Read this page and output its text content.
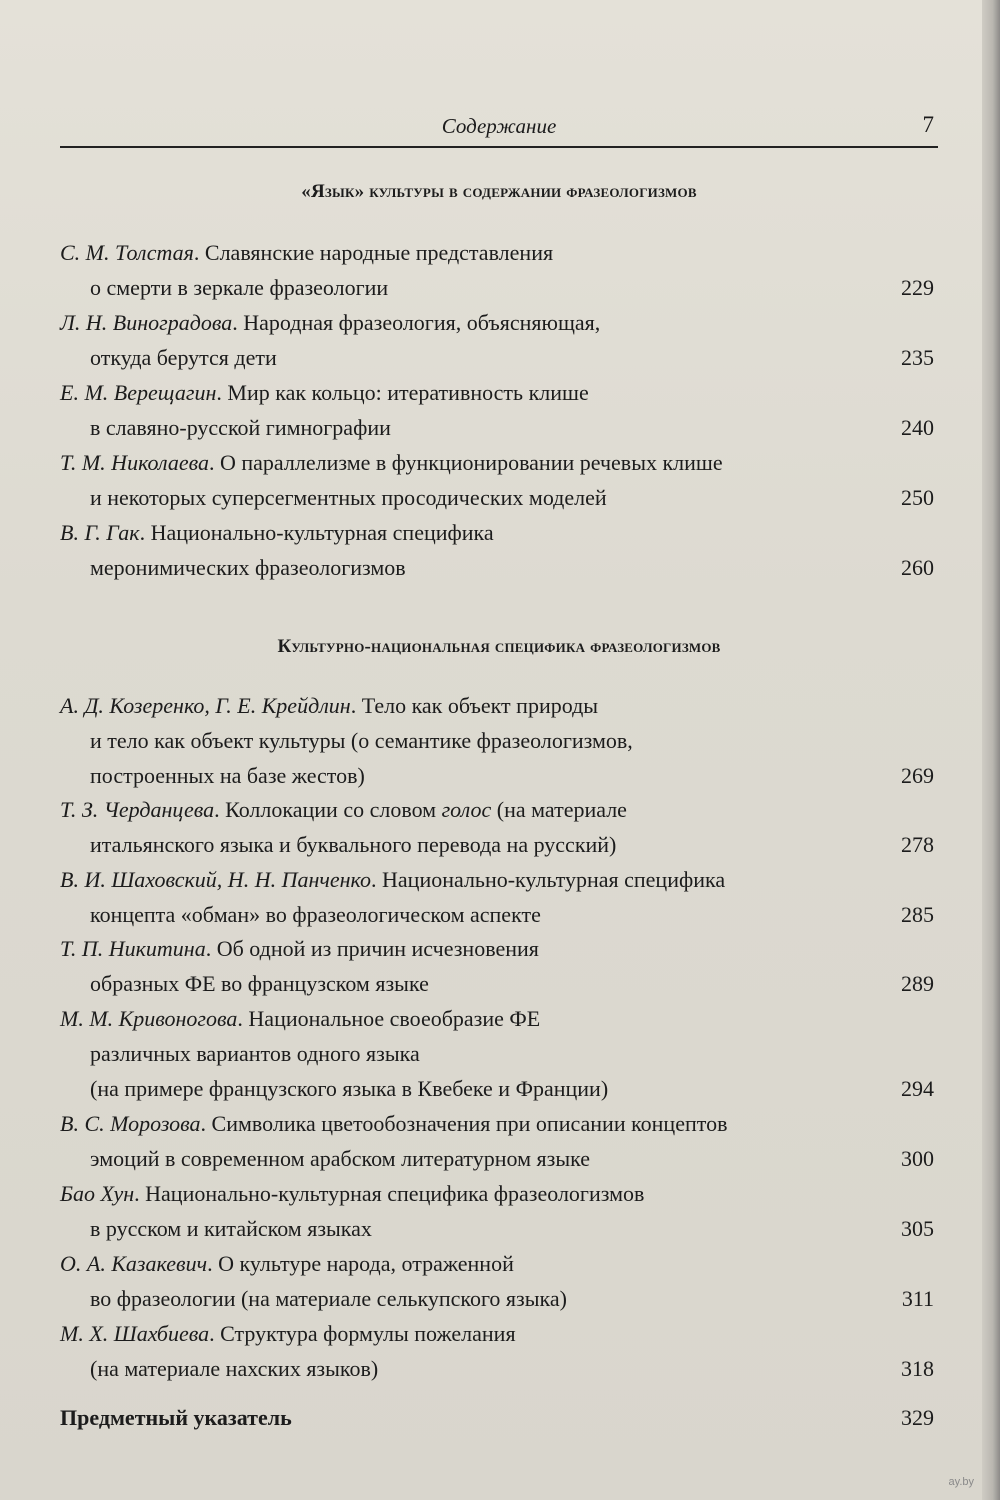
Содержание	7
«Язык» культуры в содержании фразеологизмов
С. М. Толстая. Славянские народные представления
о смерти в зеркале фразеологии	229
Л. Н. Виноградова. Народная фразеология, объясняющая,
откуда берутся дети	235
Е. М. Верещагин. Мир как кольцо: итеративность клише
в славяно-русской гимнографии	240
Т. М. Николаева. О параллелизме в функционировании речевых клише
и некоторых суперсегментных просодических моделей	250
В. Г. Гак. Национально-культурная специфика
меронимических фразеологизмов	260
Культурно-национальная специфика фразеологизмов
А. Д. Козеренко, Г. Е. Крейдлин. Тело как объект природы
и тело как объект культуры (о семантике фразеологизмов,
построенных на базе жестов)	269
Т. З. Черданцева. Коллокации со словом голос (на материале
итальянского языка и буквального перевода на русский)	278
В. И. Шаховский, Н. Н. Панченко. Национально-культурная специфика
концепта «обман» во фразеологическом аспекте	285
Т. П. Никитина. Об одной из причин исчезновения
образных ФЕ во французском языке	289
М. М. Кривоногова. Национальное своеобразие ФЕ
различных вариантов одного языка
(на примере французского языка в Квебеке и Франции)	294
В. С. Морозова. Символика цветообозначения при описании концептов
эмоций в современном арабском литературном языке	300
Бао Хун. Национально-культурная специфика фразеологизмов
в русском и китайском языках	305
О. А. Казакевич. О культуре народа, отраженной
во фразеологии (на материале селькупского языка)	311
М. Х. Шахбиева. Структура формулы пожелания
(на материале нахских языков)	318
Предметный указатель	329
ay.by
